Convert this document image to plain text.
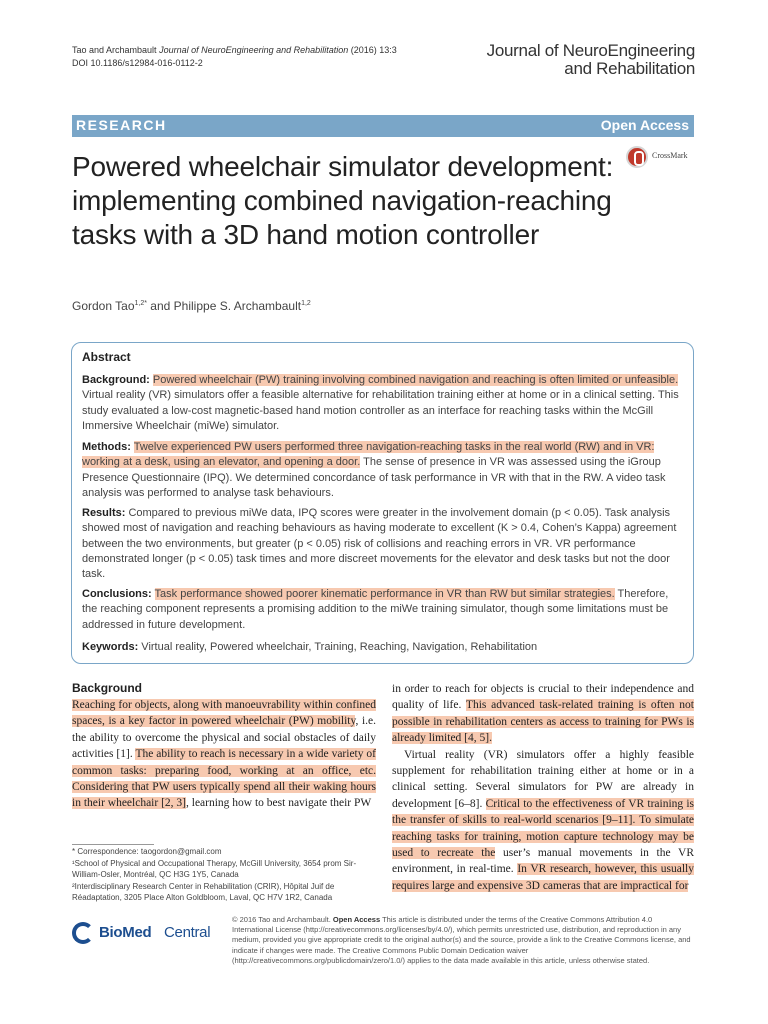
Tao and Archambault Journal of NeuroEngineering and Rehabilitation (2016) 13:3
DOI 10.1186/s12984-016-0112-2
Journal of NeuroEngineering
and Rehabilitation
RESEARCH	Open Access
Powered wheelchair simulator development: implementing combined navigation-reaching tasks with a 3D hand motion controller
CrossMark
Gordon Tao$^{1,2*}$ and Philippe S. Archambault$^{1,2}$
Abstract
Background: Powered wheelchair (PW) training involving combined navigation and reaching is often limited or unfeasible. Virtual reality (VR) simulators offer a feasible alternative for rehabilitation training either at home or in a clinical setting. This study evaluated a low-cost magnetic-based hand motion controller as an interface for reaching tasks within the McGill Immersive Wheelchair (miWe) simulator.
Methods: Twelve experienced PW users performed three navigation-reaching tasks in the real world (RW) and in VR: working at a desk, using an elevator, and opening a door. The sense of presence in VR was assessed using the iGroup Presence Questionnaire (IPQ). We determined concordance of task performance in VR with that in the RW. A video task analysis was performed to analyse task behaviours.
Results: Compared to previous miWe data, IPQ scores were greater in the involvement domain (p < 0.05). Task analysis showed most of navigation and reaching behaviours as having moderate to excellent (K > 0.4, Cohen’s Kappa) agreement between the two environments, but greater (p < 0.05) risk of collisions and reaching errors in VR. VR performance demonstrated longer (p < 0.05) task times and more discreet movements for the elevator and desk tasks but not the door task.
Conclusions: Task performance showed poorer kinematic performance in VR than RW but similar strategies. Therefore, the reaching component represents a promising addition to the miWe training simulator, though some limitations must be addressed in future development.
Keywords: Virtual reality, Powered wheelchair, Training, Reaching, Navigation, Rehabilitation
Background
Reaching for objects, along with manoeuvrability within confined spaces, is a key factor in powered wheelchair (PW) mobility, i.e. the ability to overcome the physical and social obstacles of daily activities [1]. The ability to reach is necessary in a wide variety of common tasks: preparing food, working at an office, etc. Considering that PW users typically spend all their waking hours in their wheelchair [2, 3], learning how to best navigate their PW
in order to reach for objects is crucial to their independence and quality of life. This advanced task-related training is often not possible in rehabilitation centers as access to training for PWs is already limited [4, 5].
Virtual reality (VR) simulators offer a highly feasible supplement for rehabilitation training either at home or in a clinical setting. Several simulators for PW are already in development [6–8]. Critical to the effectiveness of VR training is the transfer of skills to real-world scenarios [9–11]. To simulate reaching tasks for training, motion capture technology may be used to recreate the user’s manual movements in the VR environment, in real-time. In VR research, however, this usually requires large and expensive 3D cameras that are impractical for
* Correspondence: taogordon@gmail.com
¹School of Physical and Occupational Therapy, McGill University, 3654 prom Sir-William-Osler, Montréal, QC H3G 1Y5, Canada
²Interdisciplinary Research Center in Rehabilitation (CRIR), Hôpital Juif de Réadaptation, 3205 Place Alton Goldbloom, Laval, QC H7V 1R2, Canada
BioMed Central
© 2016 Tao and Archambault. Open Access This article is distributed under the terms of the Creative Commons Attribution 4.0 International License (http://creativecommons.org/licenses/by/4.0/), which permits unrestricted use, distribution, and reproduction in any medium, provided you give appropriate credit to the original author(s) and the source, provide a link to the Creative Commons license, and indicate if changes were made. The Creative Commons Public Domain Dedication waiver (http://creativecommons.org/publicdomain/zero/1.0/) applies to the data made available in this article, unless otherwise stated.
